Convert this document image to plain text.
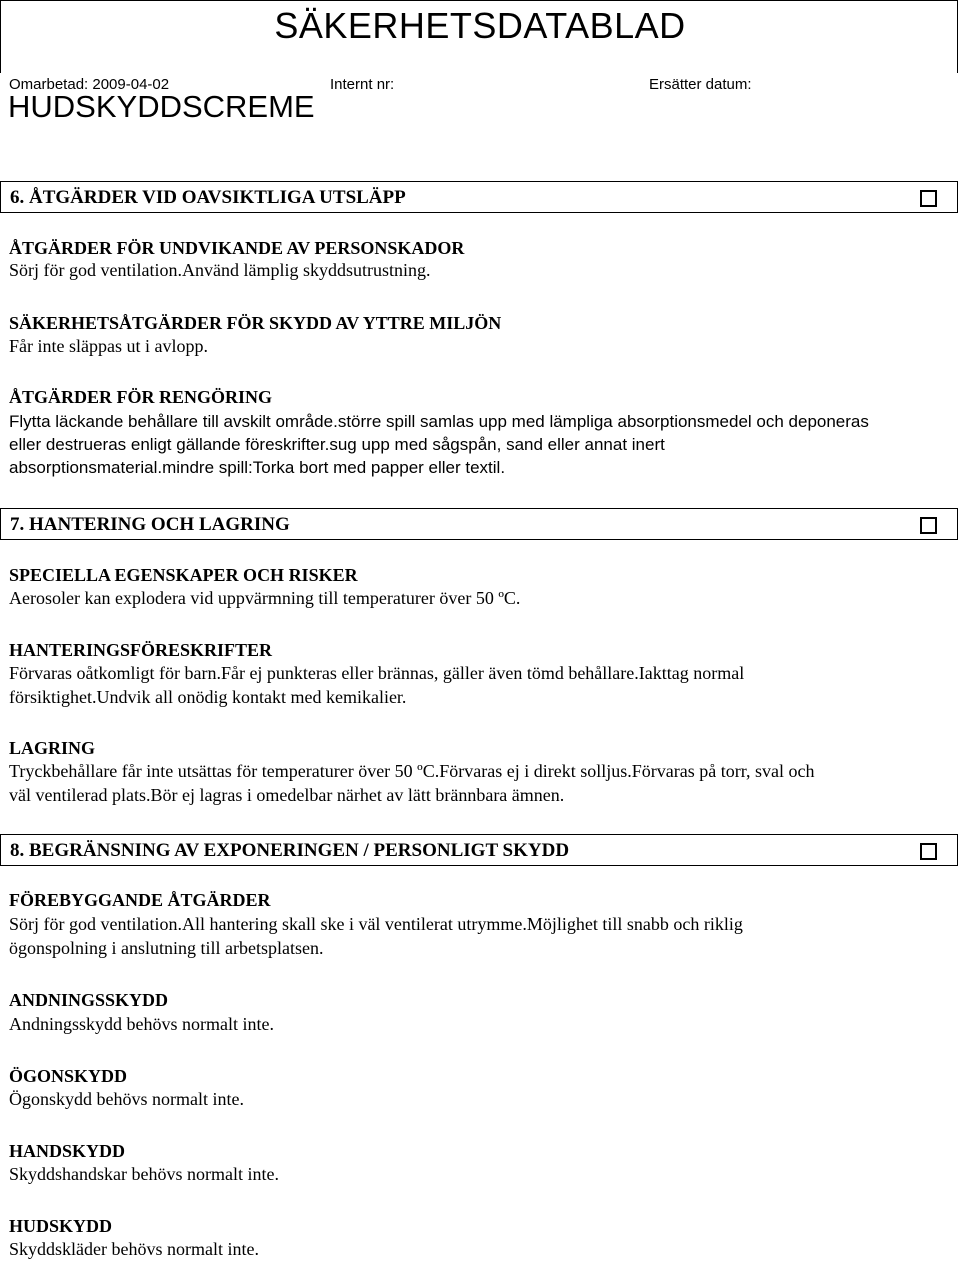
SÄKERHETSDATABLAD
Omarbetad: 2009-04-02	Internt nr:	Ersätter datum:
HUDSKYDDSCREME
6. ÅTGÄRDER VID OAVSIKTLIGA UTSLÄPP
ÅTGÄRDER FÖR UNDVIKANDE AV PERSONSKADOR
Sörj för god ventilation.Använd lämplig skyddsutrustning.
SÄKERHETSÅTGÄRDER FÖR SKYDD AV YTTRE MILJÖN
Får inte släppas ut i avlopp.
ÅTGÄRDER FÖR RENGÖRING
Flytta läckande behållare till avskilt område.större spill samlas upp med lämpliga absorptionsmedel och deponeras
eller destrueras enligt gällande föreskrifter.sug upp med sågspån, sand eller annat inert
absorptionsmaterial.mindre spill:Torka bort med papper eller textil.
7. HANTERING OCH LAGRING
SPECIELLA EGENSKAPER OCH RISKER
Aerosoler kan explodera vid uppvärmning till temperaturer över 50 ºC.
HANTERINGSFÖRESKRIFTER
Förvaras oåtkomligt för barn.Får ej punkteras eller brännas, gäller även tömd behållare.Iakttag normal
försiktighet.Undvik all onödig kontakt med kemikalier.
LAGRING
Tryckbehållare får inte utsättas för temperaturer över 50 ºC.Förvaras ej i direkt solljus.Förvaras på torr, sval och
väl ventilerad plats.Bör ej lagras i omedelbar närhet av lätt brännbara ämnen.
8. BEGRÄNSNING AV EXPONERINGEN / PERSONLIGT SKYDD
FÖREBYGGANDE ÅTGÄRDER
Sörj för god ventilation.All hantering skall ske i väl ventilerat utrymme.Möjlighet till snabb och riklig
ögonspolning i anslutning till arbetsplatsen.
ANDNINGSSKYDD
Andningsskydd behövs normalt inte.
ÖGONSKYDD
Ögonskydd behövs normalt inte.
HANDSKYDD
Skyddshandskar behövs normalt inte.
HUDSKYDD
Skyddskläder behövs normalt inte.
